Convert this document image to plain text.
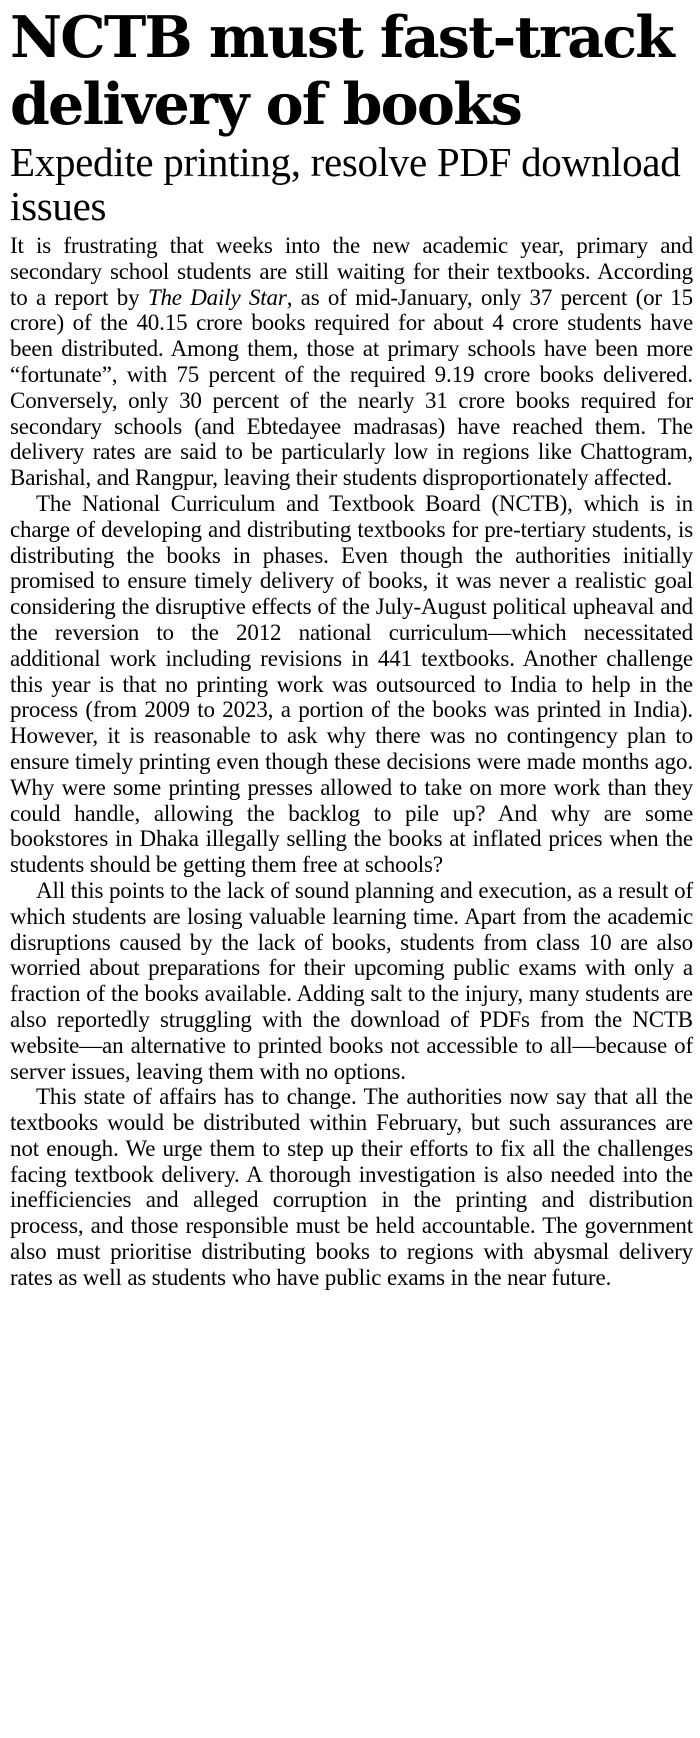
NCTB must fast-track delivery of books
Expedite printing, resolve PDF download issues

It is frustrating that weeks into the new academic year, primary and secondary school students are still waiting for their textbooks. According to a report by The Daily Star, as of mid-January, only 37 percent (or 15 crore) of the 40.15 crore books required for about 4 crore students have been distributed. Among them, those at primary schools have been more “fortunate”, with 75 percent of the required 9.19 crore books delivered. Conversely, only 30 percent of the nearly 31 crore books required for secondary schools (and Ebtedayee madrasas) have reached them. The delivery rates are said to be particularly low in regions like Chattogram, Barishal, and Rangpur, leaving their students disproportionately affected.

The National Curriculum and Textbook Board (NCTB), which is in charge of developing and distributing textbooks for pre-tertiary students, is distributing the books in phases. Even though the authorities initially promised to ensure timely delivery of books, it was never a realistic goal considering the disruptive effects of the July-August political upheaval and the reversion to the 2012 national curriculum—which necessitated additional work including revisions in 441 textbooks. Another challenge this year is that no printing work was outsourced to India to help in the process (from 2009 to 2023, a portion of the books was printed in India). However, it is reasonable to ask why there was no contingency plan to ensure timely printing even though these decisions were made months ago. Why were some printing presses allowed to take on more work than they could handle, allowing the backlog to pile up? And why are some bookstores in Dhaka illegally selling the books at inflated prices when the students should be getting them free at schools?

All this points to the lack of sound planning and execution, as a result of which students are losing valuable learning time. Apart from the academic disruptions caused by the lack of books, students from class 10 are also worried about preparations for their upcoming public exams with only a fraction of the books available. Adding salt to the injury, many students are also reportedly struggling with the download of PDFs from the NCTB website—an alternative to printed books not accessible to all—because of server issues, leaving them with no options.

This state of affairs has to change. The authorities now say that all the textbooks would be distributed within February, but such assurances are not enough. We urge them to step up their efforts to fix all the challenges facing textbook delivery. A thorough investigation is also needed into the inefficiencies and alleged corruption in the printing and distribution process, and those responsible must be held accountable. The government also must prioritise distributing books to regions with abysmal delivery rates as well as students who have public exams in the near future.
